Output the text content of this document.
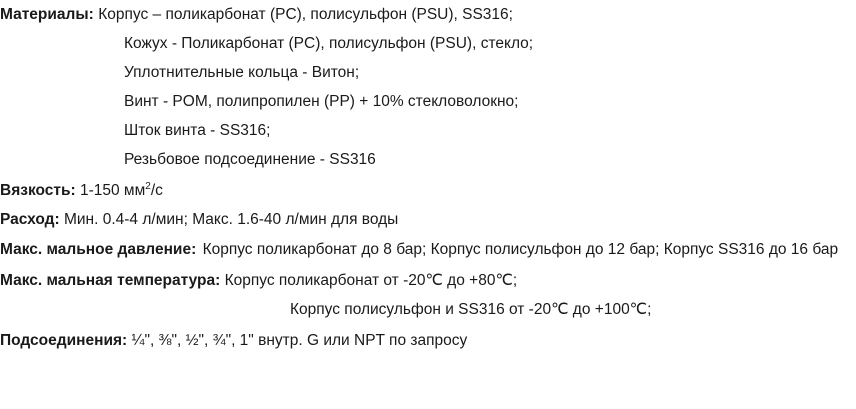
Материалы: Корпус – поликарбонат (PC), полисульфон (PSU), SS316;
Кожух - Поликарбонат (PC), полисульфон (PSU), стекло;
Уплотнительные кольца - Витон;
Винт - POM, полипропилен (PP) + 10% стекловолокно;
Шток винта - SS316;
Резьбовое подсоединение - SS316
Вязкость: 1-150 $мм^2/с$
Расход: Мин. 0.4-4 л/мин; Макс. 1.6-40 л/мин для воды
Макс. мальное давление: Корпус поликарбонат до 8 бар; Корпус полисульфон до 12 бар; Корпус SS316 до 16 бар
Макс. мальная температура: Корпус поликарбонат от -20℃ до +80℃;
Корпус полисульфон и SS316 от -20℃ до +100℃;
Подсоединения: ¼", ⅜", ½", ¾", 1" внутр. G или NPT по запросу
